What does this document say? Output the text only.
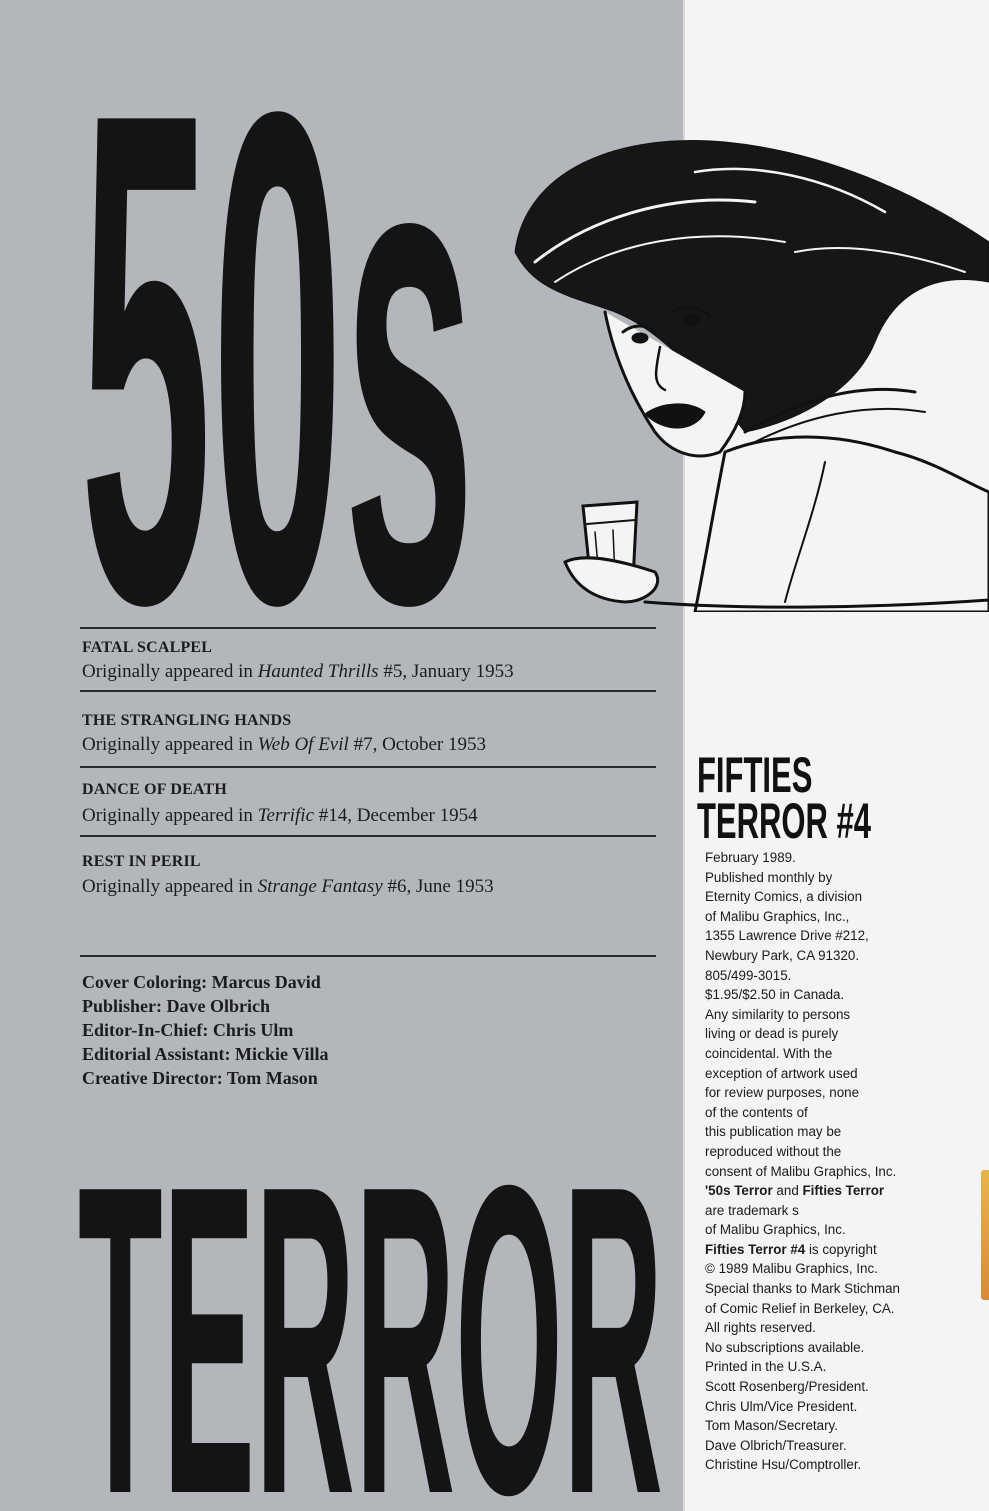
50s
FATAL SCALPEL
Originally appeared in Haunted Thrills #5, January 1953
THE STRANGLING HANDS
Originally appeared in Web Of Evil #7, October 1953
DANCE OF DEATH
Originally appeared in Terrific #14, December 1954
REST IN PERIL
Originally appeared in Strange Fantasy #6, June 1953
Cover Coloring: Marcus David
Publisher: Dave Olbrich
Editor-In-Chief: Chris Ulm
Editorial Assistant: Mickie Villa
Creative Director: Tom Mason
TERROR
FIFTIES
TERROR #4
February 1989.
Published monthly by
Eternity Comics, a division
of Malibu Graphics, Inc.,
1355 Lawrence Drive #212,
Newbury Park, CA 91320.
805/499-3015.
$1.95/$2.50 in Canada.
Any similarity to persons
living or dead is purely
coincidental. With the
exception of artwork used
for review purposes, none
of the contents of
this publication may be
reproduced without the
consent of Malibu Graphics, Inc.
'50s Terror and Fifties Terror
are trademark s
of Malibu Graphics, Inc.
Fifties Terror #4 is copyright
© 1989 Malibu Graphics, Inc.
Special thanks to Mark Stichman
of Comic Relief in Berkeley, CA.
All rights reserved.
No subscriptions available.
Printed in the U.S.A.
Scott Rosenberg/President.
Chris Ulm/Vice President.
Tom Mason/Secretary.
Dave Olbrich/Treasurer.
Christine Hsu/Comptroller.
